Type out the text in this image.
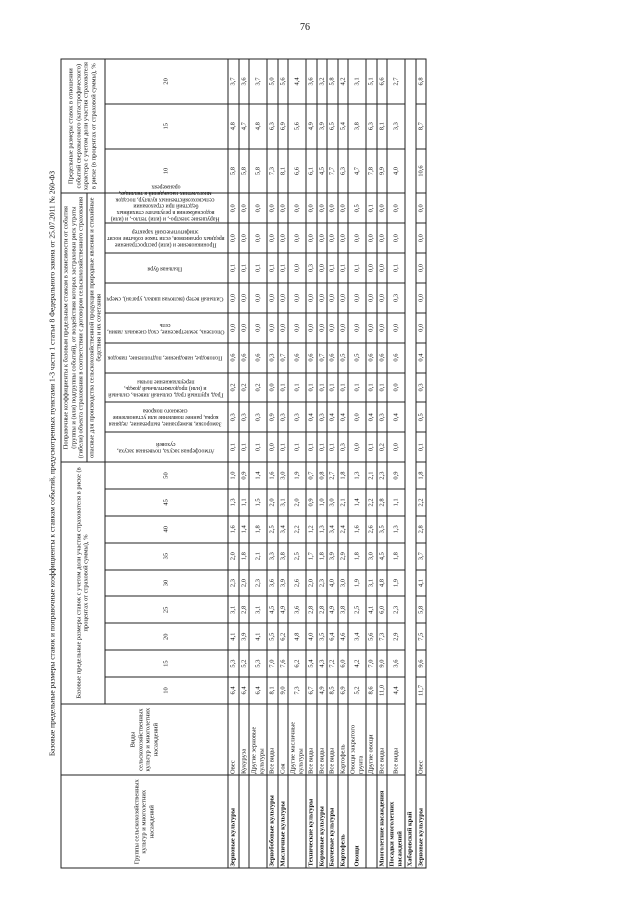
76
Базовые предельные размеры ставок и поправочные коэффициенты к ставкам событий, предусмотренных пунктами 1-3 части 1 статьи 8 Федерального закона от 25.07.2011 № 260-ФЗ
Группы сельскохозяйственных культур и многолетних насаждений	Виды сельскохозяйственных культур и многолетних насаждений	Базовые предельные размеры ставок с учетом доли участия страхователя в риске (в процентах от страховой суммы), %									Поправочные коэффициенты к базовым предельным ставкам в зависимости от события (группы и (или) подгруппы событий), от воздействия которых застрахован риск утраты (гибели) объекта страхования в соответствии с договором сельскохозяйственного страхования									Предельные размеры ставок в отношении событий сверхвысокого (катастрофического) характера с учетом доли участия страхователя в риске (в процентах от страховой суммы), %		
											опасные для производства сельскохозяйственной продукции природные явления и стихийные бедствия и их сочетания											
		10	15	20	25	30	35	40	45	50	Атмосферная засуха, почвенная засуха, суховей	Заморозки, вымерзание, выпревание, ледяная корка, раннее появление или установление снежного покрова	Град, крупный град, сильный ливень, сильный и (или) продолжительный дождь, переувлажнение почвы	Половодье, наводнение, подтопление, паводок	Оползень, землетрясение, сход снежных лавин, сель	Сильный ветер (включая шквал, ураган), смерч	Пыльная буря	Проникновение и (или) распространение вредных организмов, если такое событие носит эпифитотический характер	Нарушение электро-, и (или) тепло-, и (или) водоснабжения в результате стихийных бедствий при страховании сельскохозяйственных культур, посадок многолетних насаждений в теплицах, оранжереях	10	15	20
Зерновые культуры	Овес	6,4	5,3	4,1	3,1	2,3	2,0	1,6	1,3	1,0	0,1	0,3	0,2	0,6	0,0	0,0	0,1	0,0	0,0	5,8	4,8	3,7
	Кукуруза	6,4	5,2	3,9	2,8	2,0	1,8	1,4	1,1	0,9	0,1	0,3	0,2	0,6	0,0	0,0	0,1	0,0	0,0	5,8	4,7	3,6
	Другие зерновые культуры	6,4	5,3	4,1	3,1	2,3	2,1	1,8	1,5	1,4	0,1	0,3	0,2	0,6	0,0	0,0	0,1	0,0	0,0	5,8	4,8	3,7
Зернобобовые культуры	Все виды	8,1	7,0	5,5	4,5	3,6	3,3	2,5	2,0	1,6	0,0	0,9	0,0	0,3	0,0	0,0	0,1	0,0	0,0	7,3	6,3	5,0
Масличные культуры	Соя	9,0	7,6	6,2	4,9	3,9	3,8	3,4	3,1	3,0	0,1	0,3	0,1	0,7	0,0	0,0	0,1	0,0	0,0	8,1	6,9	5,6
	Другие масличные культуры	7,3	6,2	4,8	3,6	2,6	2,5	2,2	2,0	1,9	0,1	0,3	0,1	0,6	0,0	0,0	0,0	0,0	0,0	6,6	5,6	4,4
Технические культуры	Все виды	6,7	5,4	4,0	2,8	2,0	1,7	1,2	0,9	0,7	0,1	0,4	0,1	0,6	0,0	0,0	0,3	0,0	0,0	6,1	4,9	3,6
Кормовые культуры	Все виды	4,9	4,3	3,5	2,8	2,3	1,8	1,3	1,0	0,8	0,1	0,3	0,1	0,7	0,0	0,0	0,0	0,0	0,0	4,5	3,9	3,2
Бахчевые культуры	Все виды	8,5	7,2	6,4	4,9	4,0	3,9	3,4	3,0	2,7	0,1	0,4	0,1	0,6	0,0	0,0	0,1	0,0	0,0	7,7	6,5	5,8
Картофель	Картофель	6,9	6,0	4,6	3,8	3,0	2,9	2,4	2,1	1,8	0,3	0,4	0,1	0,5	0,0	0,0	0,1	0,0	0,0	6,3	5,4	4,2
Овощи	Овощи закрытого грунта	5,2	4,2	3,4	2,5	1,9	1,8	1,6	1,4	1,3	0,0	0,0	0,1	0,5	0,0	0,0	0,1	0,0	0,5	4,7	3,8	3,1
	Другие овощи	8,6	7,0	5,6	4,1	3,1	3,0	2,6	2,2	2,1	0,1	0,4	0,1	0,6	0,0	0,0	0,0	0,0	0,1	7,8	6,3	5,1
Многолетние насаждения	Все виды	11,0	9,0	7,3	6,0	4,8	4,5	3,5	2,8	2,3	0,2	0,3	0,1	0,6	0,0	0,0	0,0	0,0	0,0	9,9	8,1	6,6
Посадки многолетних насаждений	Все виды	4,4	3,6	2,9	2,3	1,9	1,8	1,3	1,1	0,9	0,0	0,4	0,0	0,6	0,0	0,3	0,1	0,0	0,0	4,0	3,3	2,7
Хабаровский край																						
Зерновые культуры	Овес	11,7	9,6	7,5	5,8	4,1	3,7	2,8	2,2	1,8	0,1	0,5	0,3	0,4	0,0	0,0	0,0	0,0	0,0	10,6	8,7	6,8
